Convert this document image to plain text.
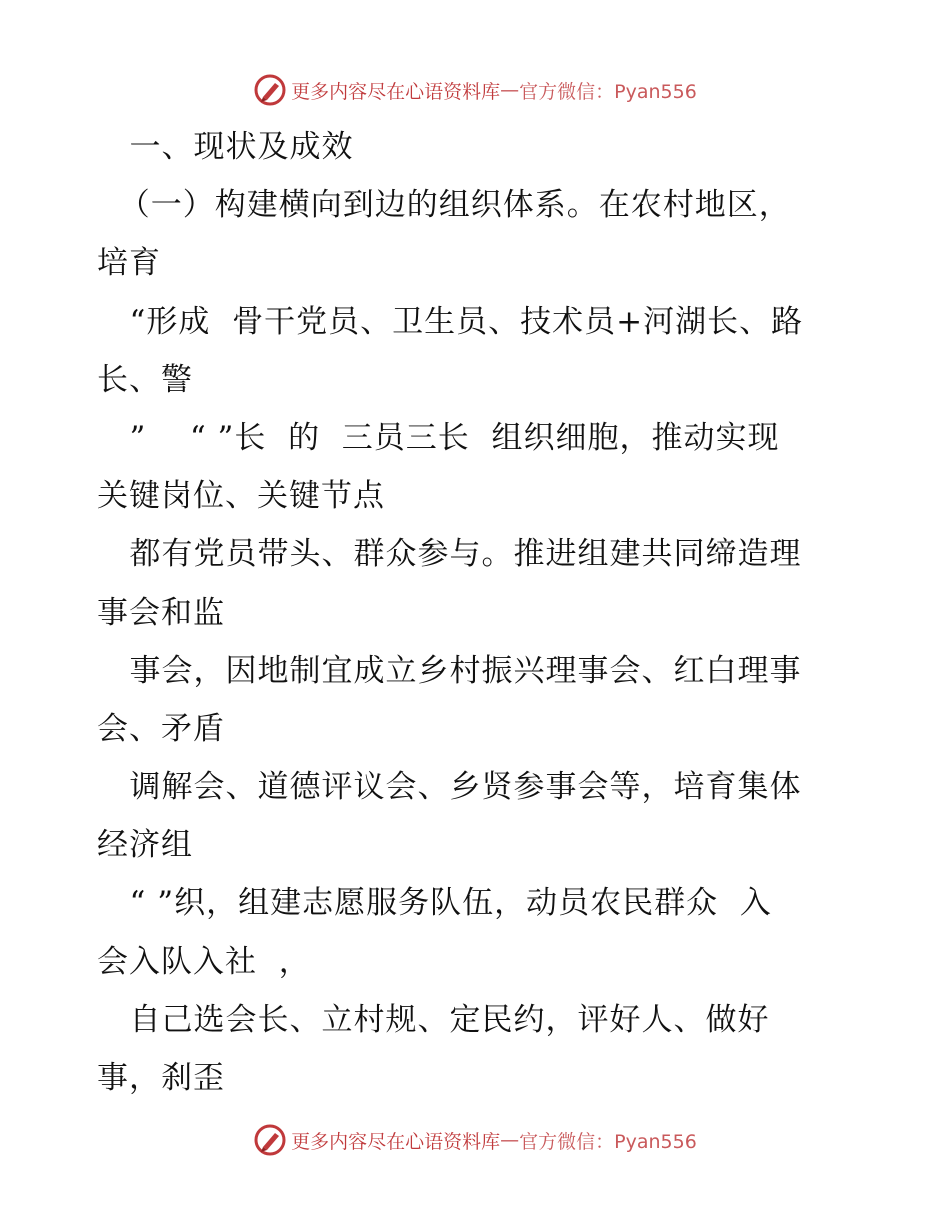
更多内容尽在心语资料库 — 官方微信：Pyan556
一、现状及成效
（一）构建横向到边的组织体系。在农村地区，
培育
“形成  骨干党员、卫生员、技术员+河湖长、路
长、警
”    “ ”长  的  三员三长  组织细胞，推动实现
关键岗位、关键节点
都有党员带头、群众参与。推进组建共同缔造理
事会和监
事会，因地制宜成立乡村振兴理事会、红白理事
会、矛盾
调解会、道德评议会、乡贤参事会等，培育集体
经济组
“ ”织，组建志愿服务队伍，动员农民群众  入
会入队入社  ，
自己选会长、立村规、定民约，评好人、做好
事，刹歪
更多内容尽在心语资料库 — 官方微信：Pyan556
